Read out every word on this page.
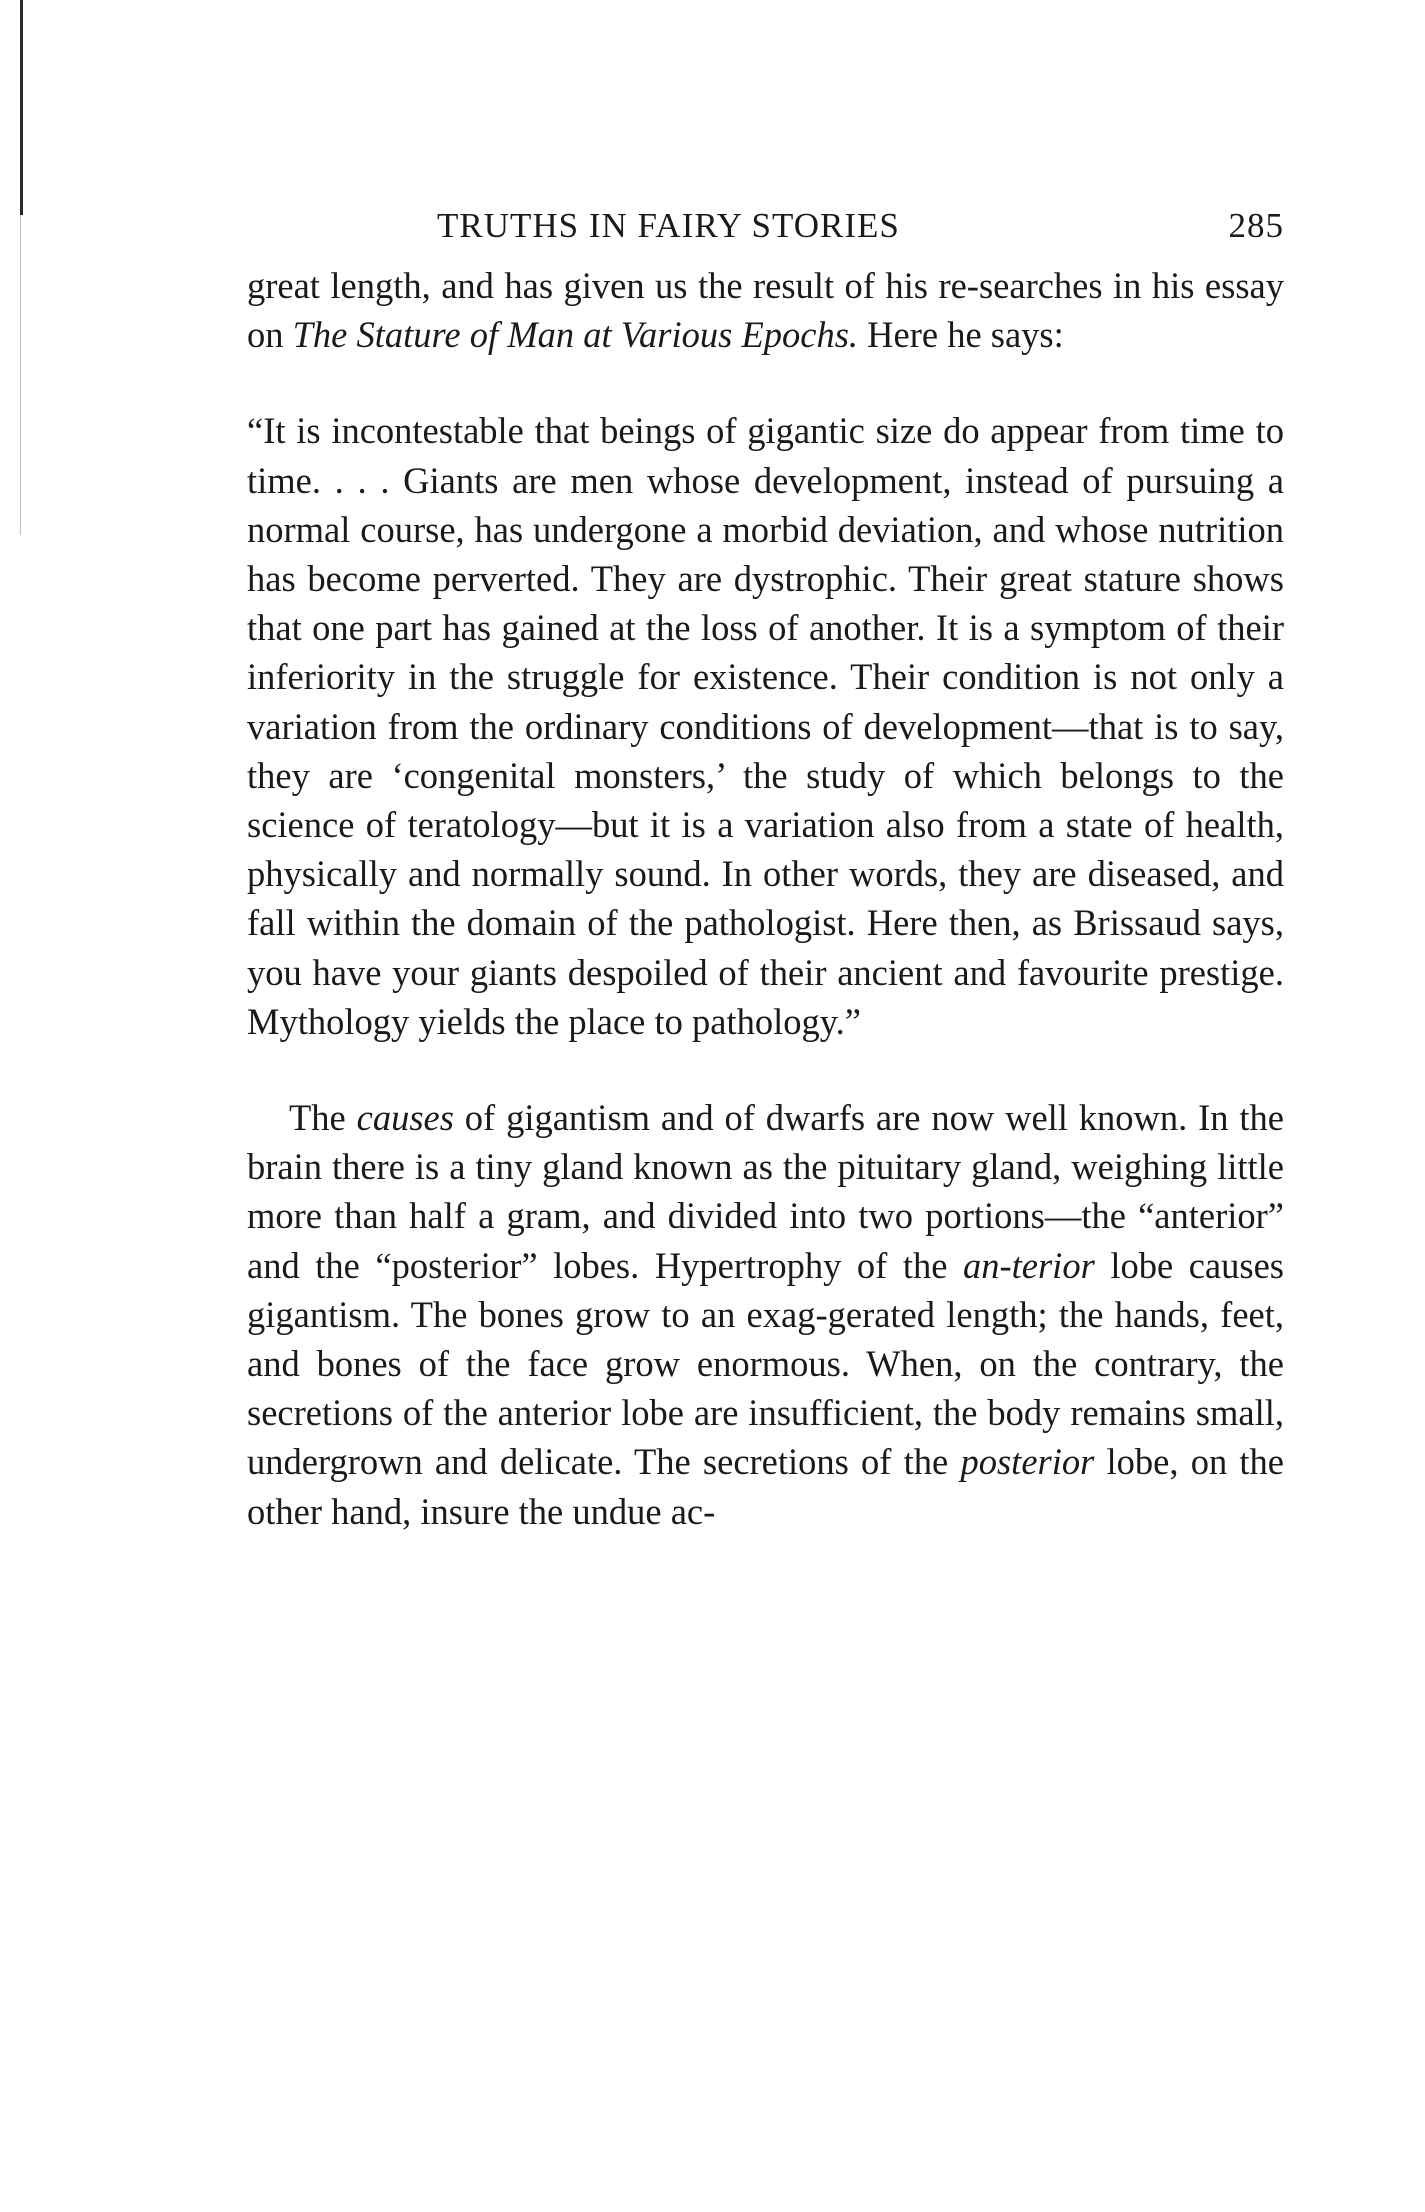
TRUTHS IN FAIRY STORIES	285

great length, and has given us the result of his re-searches in his essay on The Stature of Man at Various Epochs. Here he says:

“It is incontestable that beings of gigantic size do appear from time to time. . . . Giants are men whose development, instead of pursuing a normal course, has undergone a morbid deviation, and whose nutrition has become perverted. They are dystrophic. Their great stature shows that one part has gained at the loss of another. It is a symptom of their inferiority in the struggle for existence. Their condition is not only a variation from the ordinary conditions of development—that is to say, they are ‘congenital monsters,’ the study of which belongs to the science of teratology—but it is a variation also from a state of health, physically and normally sound. In other words, they are diseased, and fall within the domain of the pathologist. Here then, as Brissaud says, you have your giants despoiled of their ancient and favourite prestige. Mythology yields the place to pathology.”

The causes of gigantism and of dwarfs are now well known. In the brain there is a tiny gland known as the pituitary gland, weighing little more than half a gram, and divided into two portions—the “anterior” and the “posterior” lobes. Hypertrophy of the an-terior lobe causes gigantism. The bones grow to an exag-gerated length; the hands, feet, and bones of the face grow enormous. When, on the contrary, the secretions of the anterior lobe are insufficient, the body remains small, undergrown and delicate. The secretions of the posterior lobe, on the other hand, insure the undue ac-
